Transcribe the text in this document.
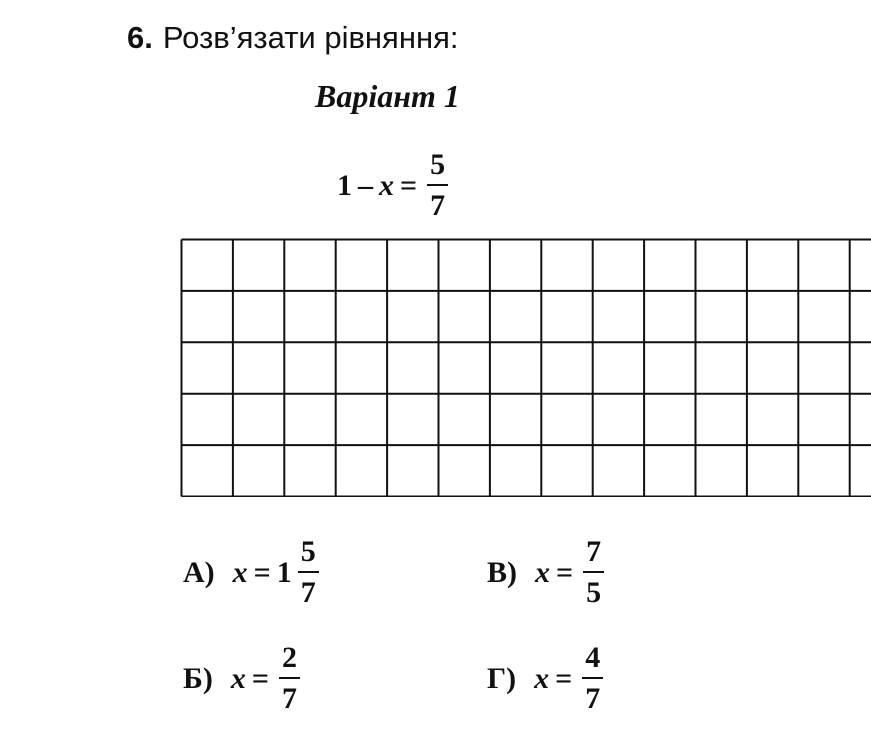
6. Розв’язати рівняння:
Варіант 1
$1 - x = \frac{5}{7}$
А) $x = 1 \frac{5}{7}$	В) $x = \frac{7}{5}$
Б) $x = \frac{2}{7}$	Г) $x = \frac{4}{7}$
